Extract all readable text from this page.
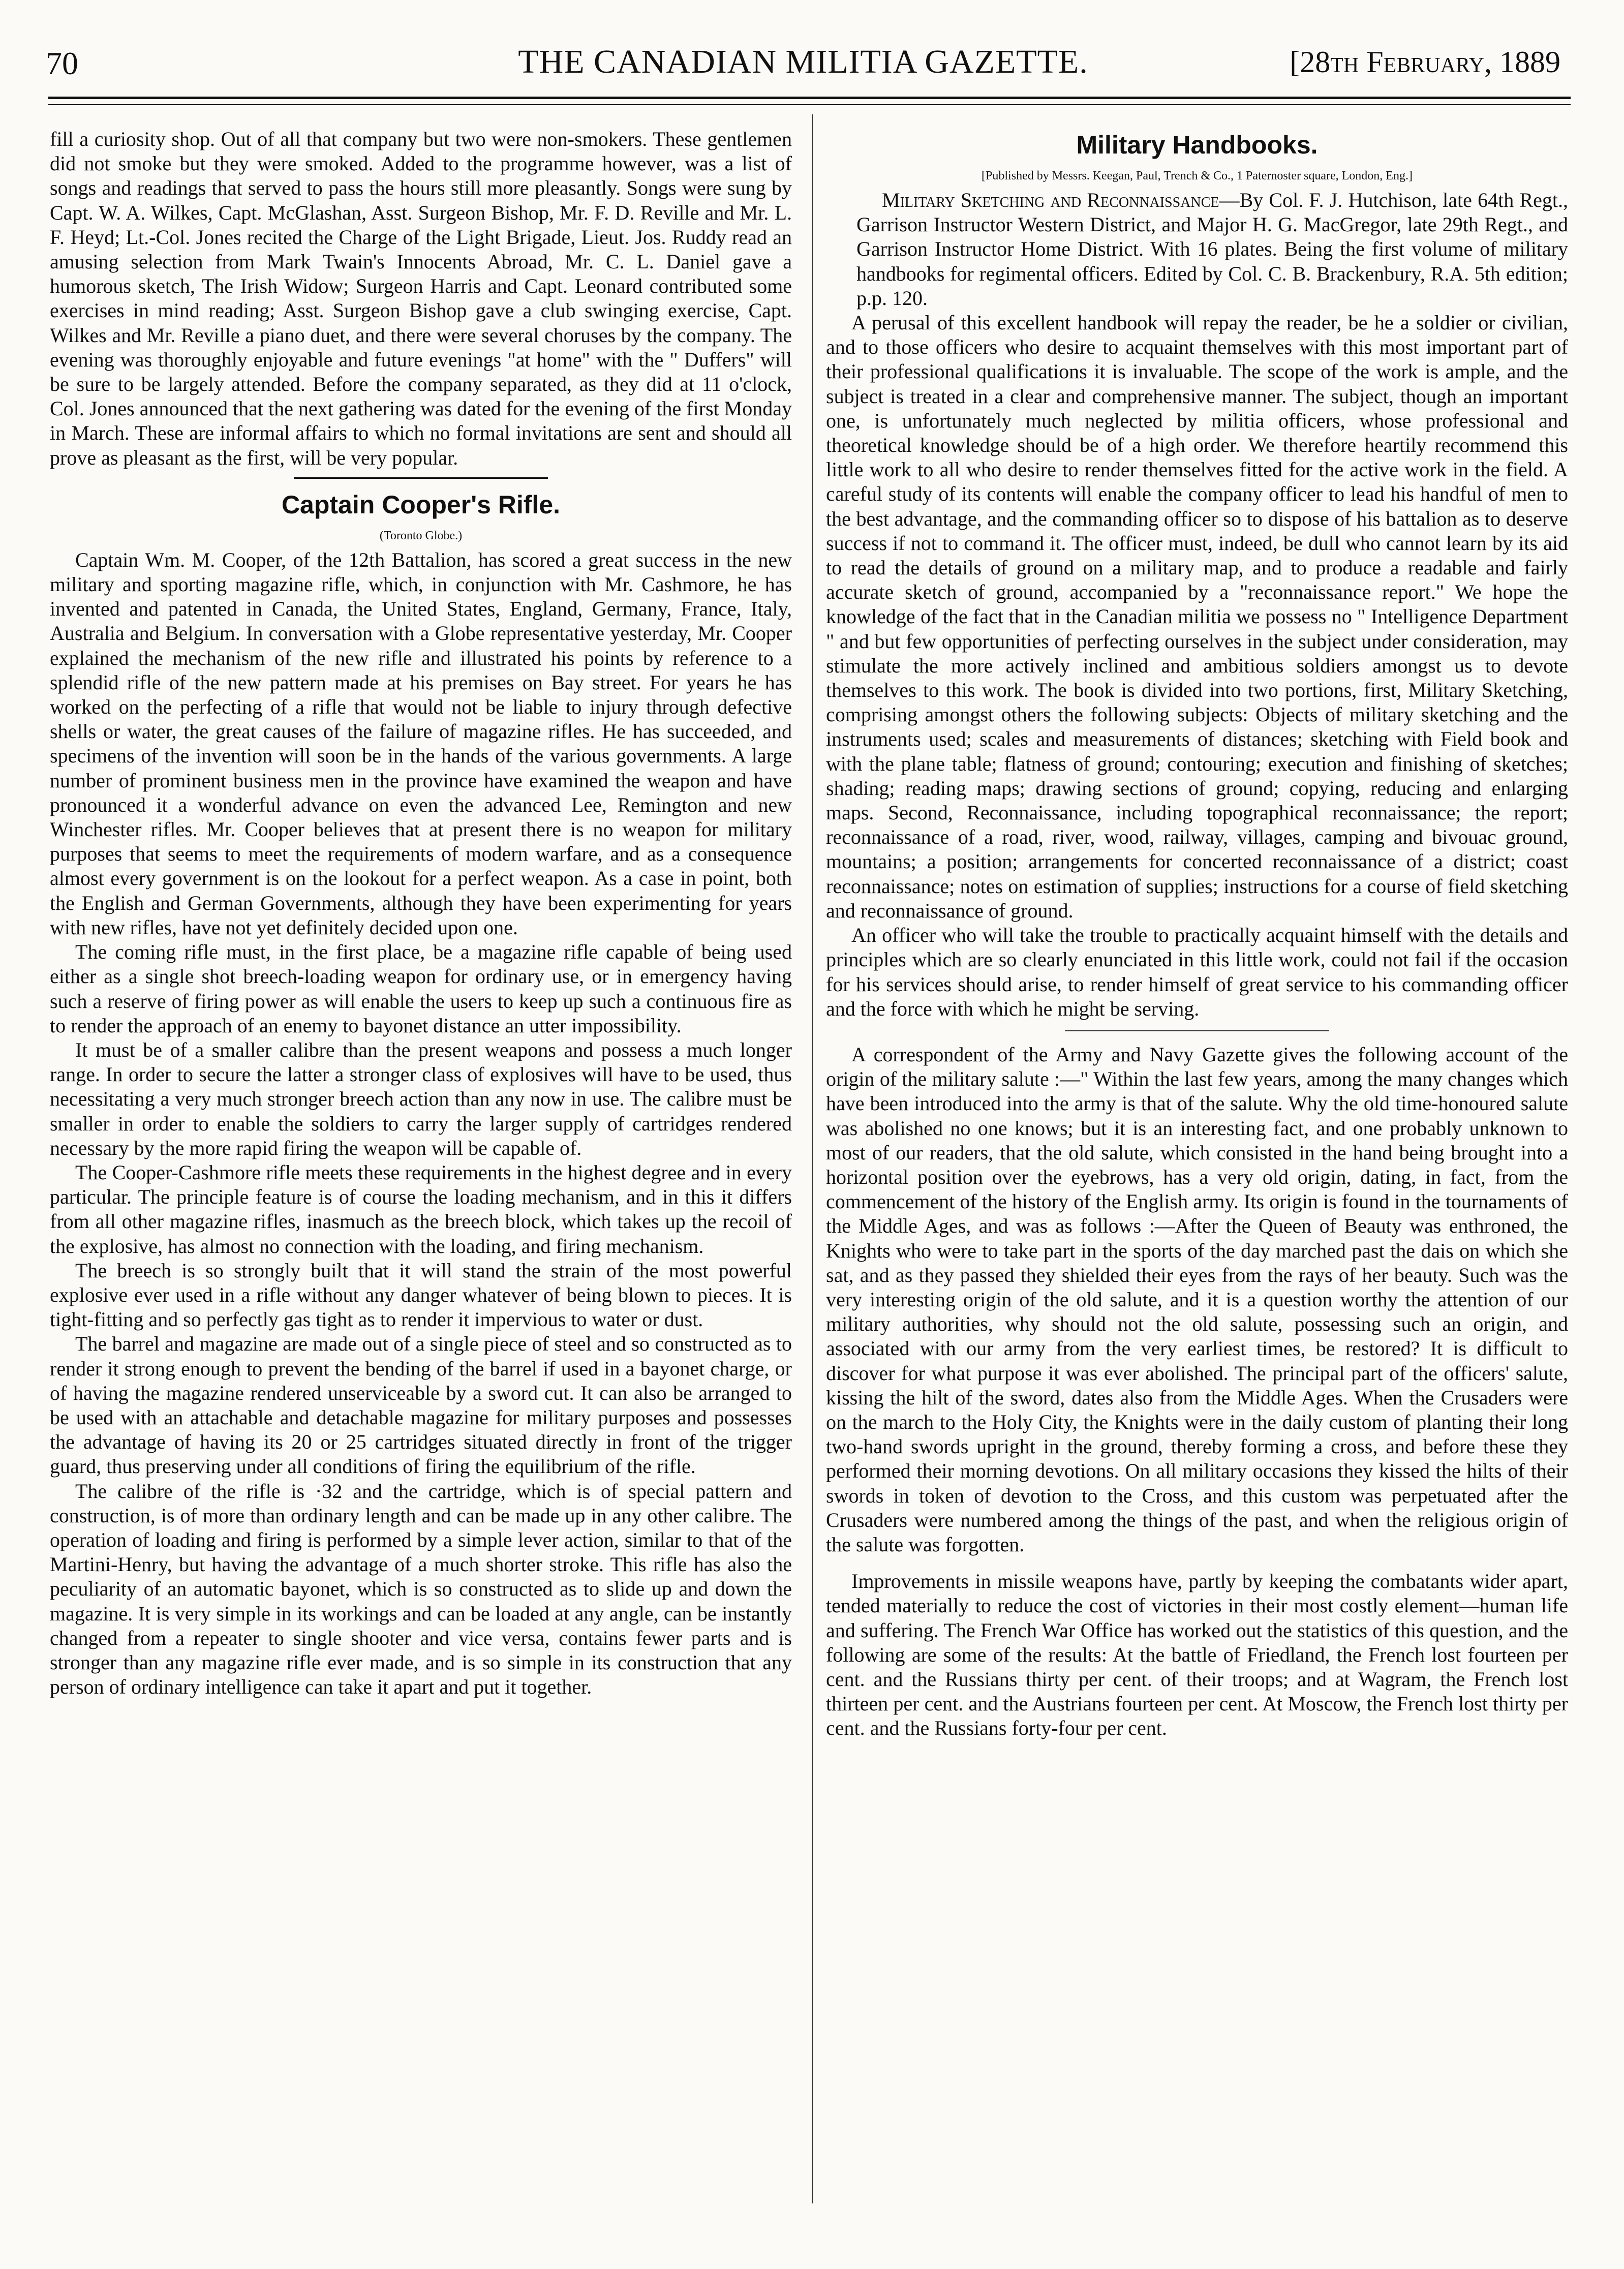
70	THE CANADIAN MILITIA GAZETTE.	[28th February, 1889

fill a curiosity shop. Out of all that company but two were non-smokers. These gentlemen did not smoke but they were smoked. Added to the programme however, was a list of songs and readings that served to pass the hours still more pleasantly. Songs were sung by Capt. W. A. Wilkes, Capt. McGlashan, Asst. Surgeon Bishop, Mr. F. D. Reville and Mr. L. F. Heyd; Lt.-Col. Jones recited the Charge of the Light Brigade, Lieut. Jos. Ruddy read an amusing selection from Mark Twain's Innocents Abroad, Mr. C. L. Daniel gave a humorous sketch, The Irish Widow; Surgeon Harris and Capt. Leonard contributed some exercises in mind reading; Asst. Surgeon Bishop gave a club swinging exercise, Capt. Wilkes and Mr. Reville a piano duet, and there were several choruses by the company. The evening was thoroughly enjoyable and future evenings "at home" with the " Duffers" will be sure to be largely attended. Before the company separated, as they did at 11 o'clock, Col. Jones announced that the next gathering was dated for the evening of the first Monday in March. These are informal affairs to which no formal invitations are sent and should all prove as pleasant as the first, will be very popular.

Captain Cooper's Rifle.
(Toronto Globe.)

Captain Wm. M. Cooper, of the 12th Battalion, has scored a great success in the new military and sporting magazine rifle, which, in conjunction with Mr. Cashmore, he has invented and patented in Canada, the United States, England, Germany, France, Italy, Australia and Belgium. In conversation with a Globe representative yesterday, Mr. Cooper explained the mechanism of the new rifle and illustrated his points by reference to a splendid rifle of the new pattern made at his premises on Bay street. For years he has worked on the perfecting of a rifle that would not be liable to injury through defective shells or water, the great causes of the failure of magazine rifles. He has succeeded, and specimens of the invention will soon be in the hands of the various governments. A large number of prominent business men in the province have examined the weapon and have pronounced it a wonderful advance on even the advanced Lee, Remington and new Winchester rifles. Mr. Cooper believes that at present there is no weapon for military purposes that seems to meet the requirements of modern warfare, and as a consequence almost every government is on the lookout for a perfect weapon. As a case in point, both the English and German Governments, although they have been experimenting for years with new rifles, have not yet definitely decided upon one.

The coming rifle must, in the first place, be a magazine rifle capable of being used either as a single shot breech-loading weapon for ordinary use, or in emergency having such a reserve of firing power as will enable the users to keep up such a continuous fire as to render the approach of an enemy to bayonet distance an utter impossibility.

It must be of a smaller calibre than the present weapons and possess a much longer range. In order to secure the latter a stronger class of explosives will have to be used, thus necessitating a very much stronger breech action than any now in use. The calibre must be smaller in order to enable the soldiers to carry the larger supply of cartridges rendered necessary by the more rapid firing the weapon will be capable of.

The Cooper-Cashmore rifle meets these requirements in the highest degree and in every particular. The principle feature is of course the loading mechanism, and in this it differs from all other magazine rifles, inasmuch as the breech block, which takes up the recoil of the explosive, has almost no connection with the loading, and firing mechanism.

The breech is so strongly built that it will stand the strain of the most powerful explosive ever used in a rifle without any danger whatever of being blown to pieces. It is tight-fitting and so perfectly gas tight as to render it impervious to water or dust.

The barrel and magazine are made out of a single piece of steel and so constructed as to render it strong enough to prevent the bending of the barrel if used in a bayonet charge, or of having the magazine rendered unserviceable by a sword cut. It can also be arranged to be used with an attachable and detachable magazine for military purposes and possesses the advantage of having its 20 or 25 cartridges situated directly in front of the trigger guard, thus preserving under all conditions of firing the equilibrium of the rifle.

The calibre of the rifle is ·32 and the cartridge, which is of special pattern and construction, is of more than ordinary length and can be made up in any other calibre. The operation of loading and firing is performed by a simple lever action, similar to that of the Martini-Henry, but having the advantage of a much shorter stroke. This rifle has also the peculiarity of an automatic bayonet, which is so constructed as to slide up and down the magazine. It is very simple in its workings and can be loaded at any angle, can be instantly changed from a repeater to single shooter and vice versa, contains fewer parts and is stronger than any magazine rifle ever made, and is so simple in its construction that any person of ordinary intelligence can take it apart and put it together.

Military Handbooks.
[Published by Messrs. Keegan, Paul, Trench & Co., 1 Paternoster square, London, Eng.]

Military Sketching and Reconnaissance—By Col. F. J. Hutchison, late 64th Regt., Garrison Instructor Western District, and Major H. G. MacGregor, late 29th Regt., and Garrison Instructor Home District. With 16 plates. Being the first volume of military handbooks for regimental officers. Edited by Col. C. B. Brackenbury, R.A. 5th edition; p.p. 120.

A perusal of this excellent handbook will repay the reader, be he a soldier or civilian, and to those officers who desire to acquaint themselves with this most important part of their professional qualifications it is invaluable. The scope of the work is ample, and the subject is treated in a clear and comprehensive manner. The subject, though an important one, is unfortunately much neglected by militia officers, whose professional and theoretical knowledge should be of a high order. We therefore heartily recommend this little work to all who desire to render themselves fitted for the active work in the field. A careful study of its contents will enable the company officer to lead his handful of men to the best advantage, and the commanding officer so to dispose of his battalion as to deserve success if not to command it. The officer must, indeed, be dull who cannot learn by its aid to read the details of ground on a military map, and to produce a readable and fairly accurate sketch of ground, accompanied by a "reconnaissance report." We hope the knowledge of the fact that in the Canadian militia we possess no " Intelligence Department " and but few opportunities of perfecting ourselves in the subject under consideration, may stimulate the more actively inclined and ambitious soldiers amongst us to devote themselves to this work. The book is divided into two portions, first, Military Sketching, comprising amongst others the following subjects: Objects of military sketching and the instruments used; scales and measurements of distances; sketching with Field book and with the plane table; flatness of ground; contouring; execution and finishing of sketches; shading; reading maps; drawing sections of ground; copying, reducing and enlarging maps. Second, Reconnaissance, including topographical reconnaissance; the report; reconnaissance of a road, river, wood, railway, villages, camping and bivouac ground, mountains; a position; arrangements for concerted reconnaissance of a district; coast reconnaissance; notes on estimation of supplies; instructions for a course of field sketching and reconnaissance of ground.

An officer who will take the trouble to practically acquaint himself with the details and principles which are so clearly enunciated in this little work, could not fail if the occasion for his services should arise, to render himself of great service to his commanding officer and the force with which he might be serving.

A correspondent of the Army and Navy Gazette gives the following account of the origin of the military salute :—" Within the last few years, among the many changes which have been introduced into the army is that of the salute. Why the old time-honoured salute was abolished no one knows; but it is an interesting fact, and one probably unknown to most of our readers, that the old salute, which consisted in the hand being brought into a horizontal position over the eyebrows, has a very old origin, dating, in fact, from the commencement of the history of the English army. Its origin is found in the tournaments of the Middle Ages, and was as follows :—After the Queen of Beauty was enthroned, the Knights who were to take part in the sports of the day marched past the dais on which she sat, and as they passed they shielded their eyes from the rays of her beauty. Such was the very interesting origin of the old salute, and it is a question worthy the attention of our military authorities, why should not the old salute, possessing such an origin, and associated with our army from the very earliest times, be restored? It is difficult to discover for what purpose it was ever abolished. The principal part of the officers' salute, kissing the hilt of the sword, dates also from the Middle Ages. When the Crusaders were on the march to the Holy City, the Knights were in the daily custom of planting their long two-hand swords upright in the ground, thereby forming a cross, and before these they performed their morning devotions. On all military occasions they kissed the hilts of their swords in token of devotion to the Cross, and this custom was perpetuated after the Crusaders were numbered among the things of the past, and when the religious origin of the salute was forgotten.

Improvements in missile weapons have, partly by keeping the combatants wider apart, tended materially to reduce the cost of victories in their most costly element—human life and suffering. The French War Office has worked out the statistics of this question, and the following are some of the results: At the battle of Friedland, the French lost fourteen per cent. and the Russians thirty per cent. of their troops; and at Wagram, the French lost thirteen per cent. and the Austrians fourteen per cent. At Moscow, the French lost thirty per cent. and the Russians forty-four per cent.
